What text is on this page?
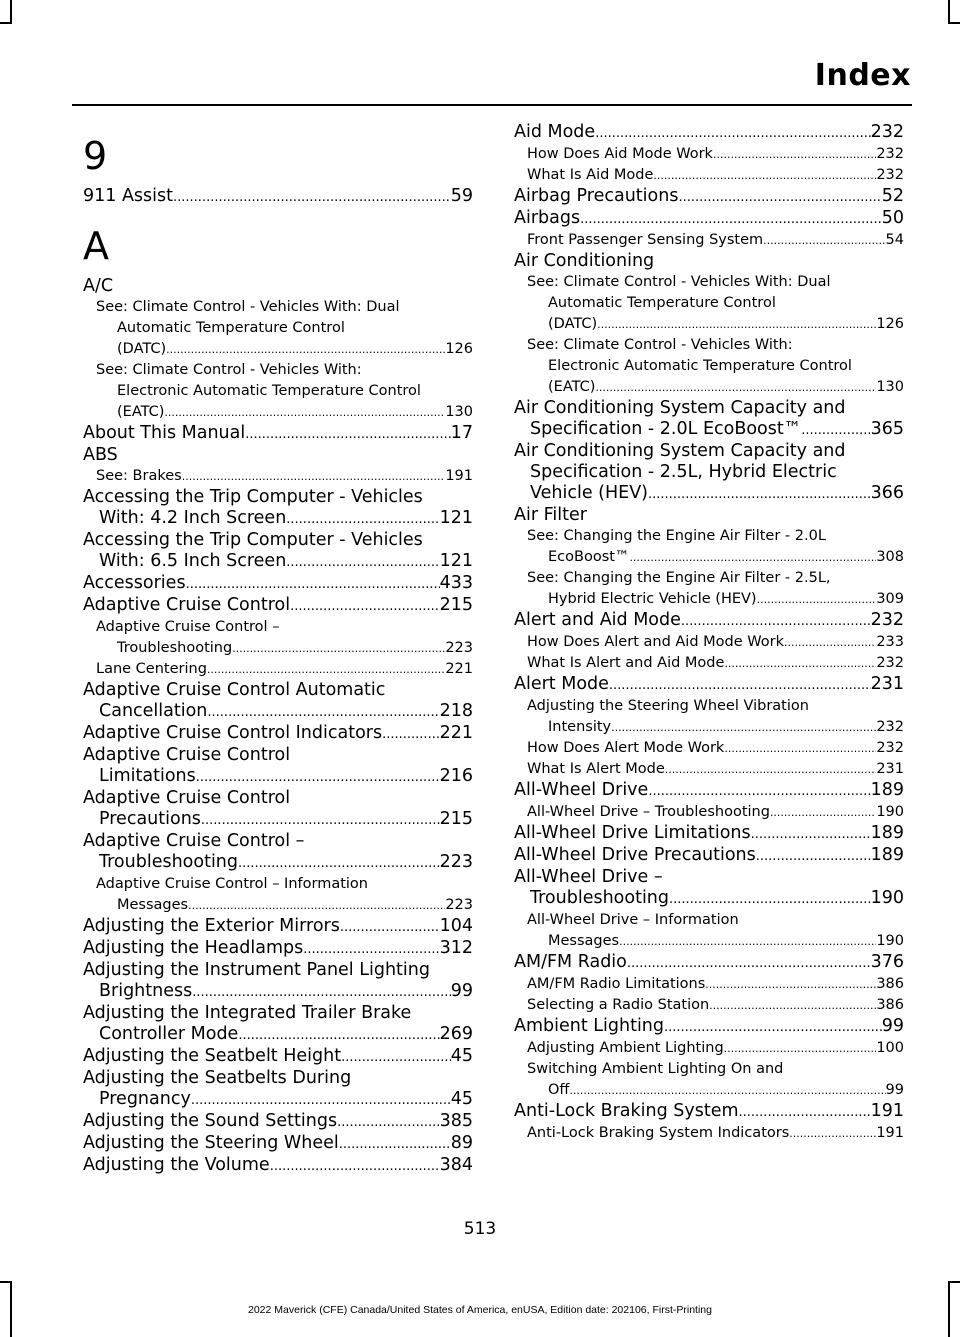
Index
9
911 Assist .....	59
A
A/C
See: Climate Control - Vehicles With: Dual
Automatic Temperature Control
(DATC) .....	126
See: Climate Control - Vehicles With:
Electronic Automatic Temperature Control
(EATC) .....	130
About This Manual .....	17
ABS
See: Brakes .....	191
Accessing the Trip Computer - Vehicles
With: 4.2 Inch Screen .....	121
Accessing the Trip Computer - Vehicles
With: 6.5 Inch Screen .....	121
Accessories .....	433
Adaptive Cruise Control .....	215
Adaptive Cruise Control –
Troubleshooting .....	223
Lane Centering .....	221
Adaptive Cruise Control Automatic
Cancellation .....	218
Adaptive Cruise Control Indicators .....	221
Adaptive Cruise Control
Limitations .....	216
Adaptive Cruise Control
Precautions .....	215
Adaptive Cruise Control –
Troubleshooting .....	223
Adaptive Cruise Control – Information
Messages .....	223
Adjusting the Exterior Mirrors .....	104
Adjusting the Headlamps .....	312
Adjusting the Instrument Panel Lighting
Brightness .....	99
Adjusting the Integrated Trailer Brake
Controller Mode .....	269
Adjusting the Seatbelt Height .....	45
Adjusting the Seatbelts During
Pregnancy .....	45
Adjusting the Sound Settings .....	385
Adjusting the Steering Wheel .....	89
Adjusting the Volume .....	384
Aid Mode .....	232
How Does Aid Mode Work .....	232
What Is Aid Mode .....	232
Airbag Precautions .....	52
Airbags .....	50
Front Passenger Sensing System .....	54
Air Conditioning
See: Climate Control - Vehicles With: Dual
Automatic Temperature Control
(DATC) .....	126
See: Climate Control - Vehicles With:
Electronic Automatic Temperature Control
(EATC) .....	130
Air Conditioning System Capacity and
Specification - 2.0L EcoBoost™ .....	365
Air Conditioning System Capacity and
Specification - 2.5L, Hybrid Electric
Vehicle (HEV) .....	366
Air Filter
See: Changing the Engine Air Filter - 2.0L
EcoBoost™ .....	308
See: Changing the Engine Air Filter - 2.5L,
Hybrid Electric Vehicle (HEV) .....	309
Alert and Aid Mode .....	232
How Does Alert and Aid Mode Work .....	233
What Is Alert and Aid Mode .....	232
Alert Mode .....	231
Adjusting the Steering Wheel Vibration
Intensity .....	232
How Does Alert Mode Work .....	232
What Is Alert Mode .....	231
All-Wheel Drive .....	189
All-Wheel Drive – Troubleshooting .....	190
All-Wheel Drive Limitations .....	189
All-Wheel Drive Precautions .....	189
All-Wheel Drive –
Troubleshooting .....	190
All-Wheel Drive – Information
Messages .....	190
AM/FM Radio .....	376
AM/FM Radio Limitations .....	386
Selecting a Radio Station .....	386
Ambient Lighting .....	99
Adjusting Ambient Lighting .....	100
Switching Ambient Lighting On and
Off .....	99
Anti-Lock Braking System .....	191
Anti-Lock Braking System Indicators .....	191
513
2022 Maverick (CFE) Canada/United States of America, enUSA, Edition date: 202106, First-Printing
